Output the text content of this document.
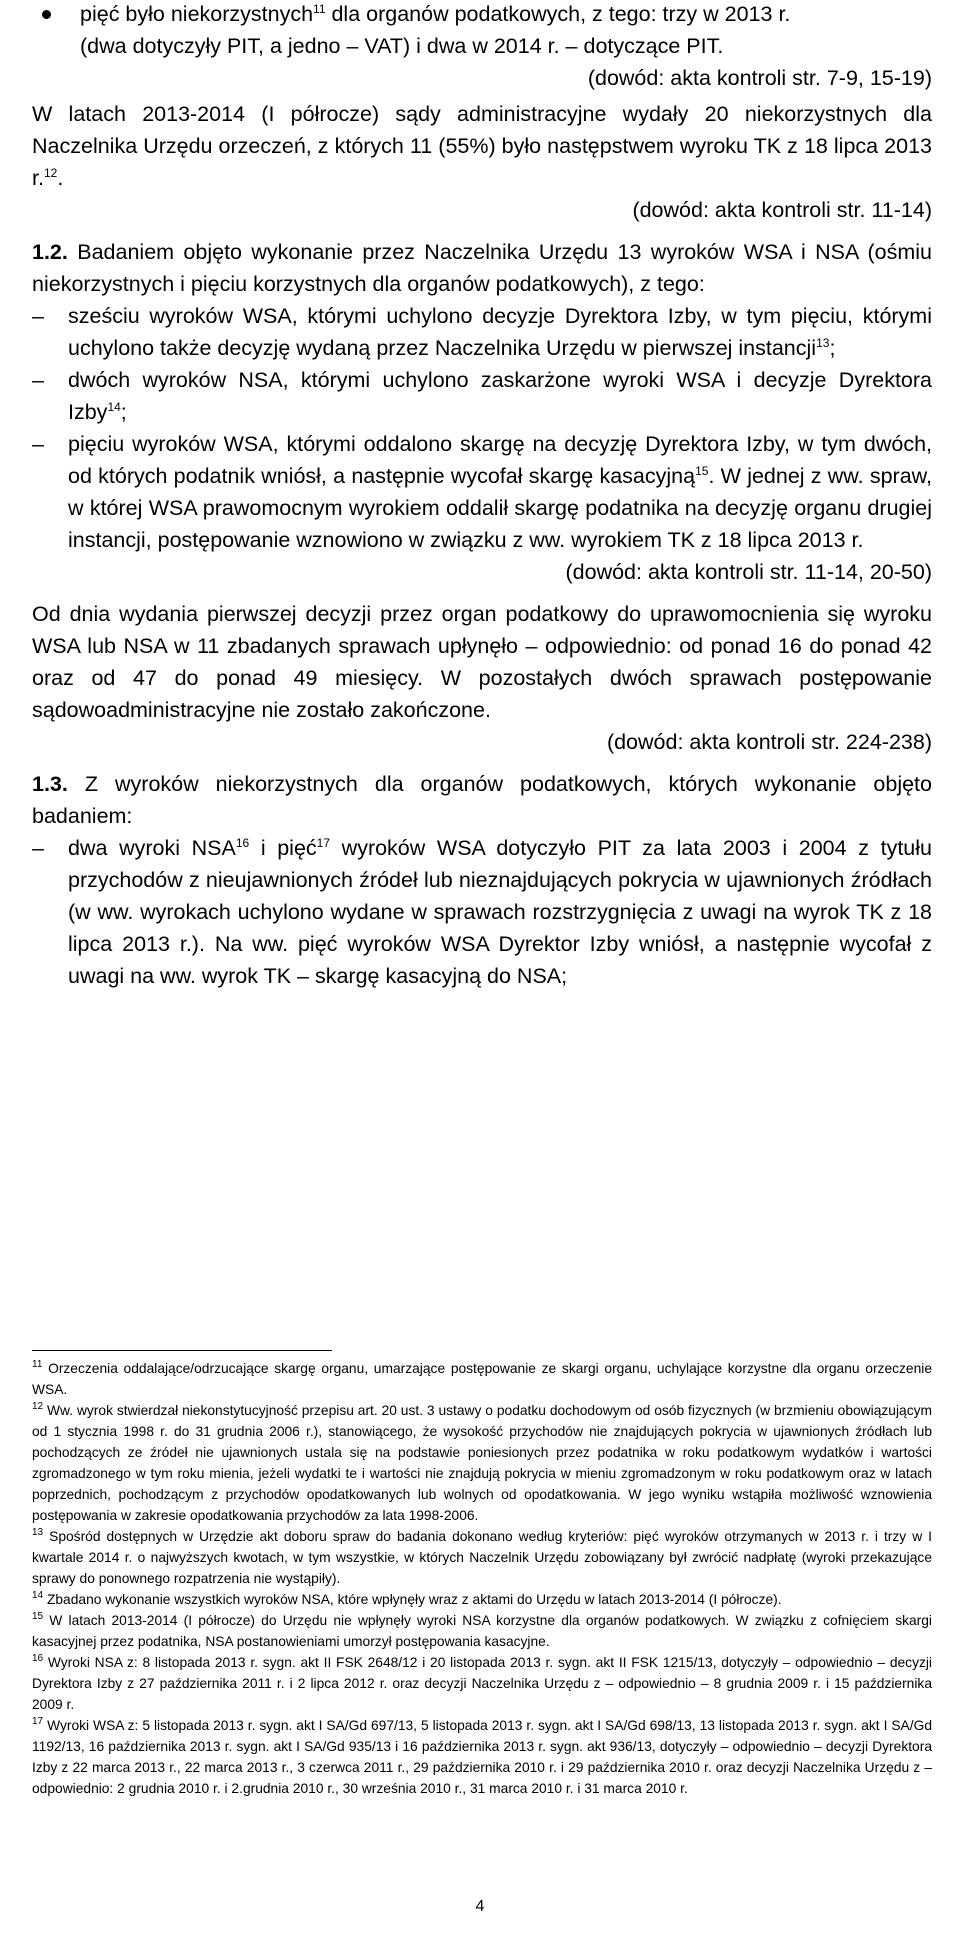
pięć było niekorzystnych$^{11}$ dla organów podatkowych, z tego: trzy w 2013 r.
(dwa dotyczyły PIT, a jedno – VAT) i dwa w 2014 r. – dotyczące PIT.

(dowód: akta kontroli str. 7-9, 15-19)

W latach 2013-2014 (I półrocze) sądy administracyjne wydały 20 niekorzystnych dla Naczelnika Urzędu orzeczeń, z których 11 (55%) było następstwem wyroku TK z 18 lipca 2013 r.$^{12}$.

(dowód: akta kontroli str. 11-14)

1.2. Badaniem objęto wykonanie przez Naczelnika Urzędu 13 wyroków WSA i NSA (ośmiu niekorzystnych i pięciu korzystnych dla organów podatkowych), z tego:

– sześciu wyroków WSA, którymi uchylono decyzje Dyrektora Izby, w tym pięciu, którymi uchylono także decyzję wydaną przez Naczelnika Urzędu w pierwszej instancji$^{13}$;

– dwóch wyroków NSA, którymi uchylono zaskarżone wyroki WSA i decyzje Dyrektora Izby$^{14}$;

– pięciu wyroków WSA, którymi oddalono skargę na decyzję Dyrektora Izby, w tym dwóch, od których podatnik wniósł, a następnie wycofał skargę kasacyjną$^{15}$. W jednej z ww. spraw, w której WSA prawomocnym wyrokiem oddalił skargę podatnika na decyzję organu drugiej instancji, postępowanie wznowiono w związku z ww. wyrokiem TK z 18 lipca 2013 r.

(dowód: akta kontroli str. 11-14, 20-50)

Od dnia wydania pierwszej decyzji przez organ podatkowy do uprawomocnienia się wyroku WSA lub NSA w 11 zbadanych sprawach upłynęło – odpowiednio: od ponad 16 do ponad 42 oraz od 47 do ponad 49 miesięcy. W pozostałych dwóch sprawach postępowanie sądowoadministracyjne nie zostało zakończone.

(dowód: akta kontroli str. 224-238)

1.3. Z wyroków niekorzystnych dla organów podatkowych, których wykonanie objęto badaniem:

– dwa wyroki NSA$^{16}$ i pięć$^{17}$ wyroków WSA dotyczyło PIT za lata 2003 i 2004 z tytułu przychodów z nieujawnionych źródeł lub nieznajdujących pokrycia w ujawnionych źródłach (w ww. wyrokach uchylono wydane w sprawach rozstrzygnięcia z uwagi na wyrok TK z 18 lipca 2013 r.). Na ww. pięć wyroków WSA Dyrektor Izby wniósł, a następnie wycofał z uwagi na ww. wyrok TK – skargę kasacyjną do NSA;

$^{11}$ Orzeczenia oddalające/odrzucające skargę organu, umarzające postępowanie ze skargi organu, uchylające korzystne dla organu orzeczenie WSA.

$^{12}$ Ww. wyrok stwierdzał niekonstytucyjność przepisu art. 20 ust. 3 ustawy o podatku dochodowym od osób fizycznych (w brzmieniu obowiązującym od 1 stycznia 1998 r. do 31 grudnia 2006 r.), stanowiącego, że wysokość przychodów nie znajdujących pokrycia w ujawnionych źródłach lub pochodzących ze źródeł nie ujawnionych ustala się na podstawie poniesionych przez podatnika w roku podatkowym wydatków i wartości zgromadzonego w tym roku mienia, jeżeli wydatki te i wartości nie znajdują pokrycia w mieniu zgromadzonym w roku podatkowym oraz w latach poprzednich, pochodzącym z przychodów opodatkowanych lub wolnych od opodatkowania. W jego wyniku wstąpiła możliwość wznowienia postępowania w zakresie opodatkowania przychodów za lata 1998-2006.

$^{13}$ Spośród dostępnych w Urzędzie akt doboru spraw do badania dokonano według kryteriów: pięć wyroków otrzymanych w 2013 r. i trzy w I kwartale 2014 r. o najwyższych kwotach, w tym wszystkie, w których Naczelnik Urzędu zobowiązany był zwrócić nadpłatę (wyroki przekazujące sprawy do ponownego rozpatrzenia nie wystąpiły).

$^{14}$ Zbadano wykonanie wszystkich wyroków NSA, które wpłynęły wraz z aktami do Urzędu w latach 2013-2014 (I półrocze).

$^{15}$ W latach 2013-2014 (I półrocze) do Urzędu nie wpłynęły wyroki NSA korzystne dla organów podatkowych. W związku z cofnięciem skargi kasacyjnej przez podatnika, NSA postanowieniami umorzył postępowania kasacyjne.

$^{16}$ Wyroki NSA z: 8 listopada 2013 r. sygn. akt II FSK 2648/12 i 20 listopada 2013 r. sygn. akt II FSK 1215/13, dotyczyły – odpowiednio – decyzji Dyrektora Izby z 27 października 2011 r. i 2 lipca 2012 r. oraz decyzji Naczelnika Urzędu z – odpowiednio – 8 grudnia 2009 r. i 15 października 2009 r.

$^{17}$ Wyroki WSA z: 5 listopada 2013 r. sygn. akt I SA/Gd 697/13, 5 listopada 2013 r. sygn. akt I SA/Gd 698/13, 13 listopada 2013 r. sygn. akt I SA/Gd 1192/13, 16 października 2013 r. sygn. akt I SA/Gd 935/13 i 16 października 2013 r. sygn. akt 936/13, dotyczyły – odpowiednio – decyzji Dyrektora Izby z 22 marca 2013 r., 22 marca 2013 r., 3 czerwca 2011 r., 29 października 2010 r. i 29 października 2010 r. oraz decyzji Naczelnika Urzędu z – odpowiednio: 2 grudnia 2010 r. i 2.grudnia 2010 r., 30 września 2010 r., 31 marca 2010 r. i 31 marca 2010 r.

4
